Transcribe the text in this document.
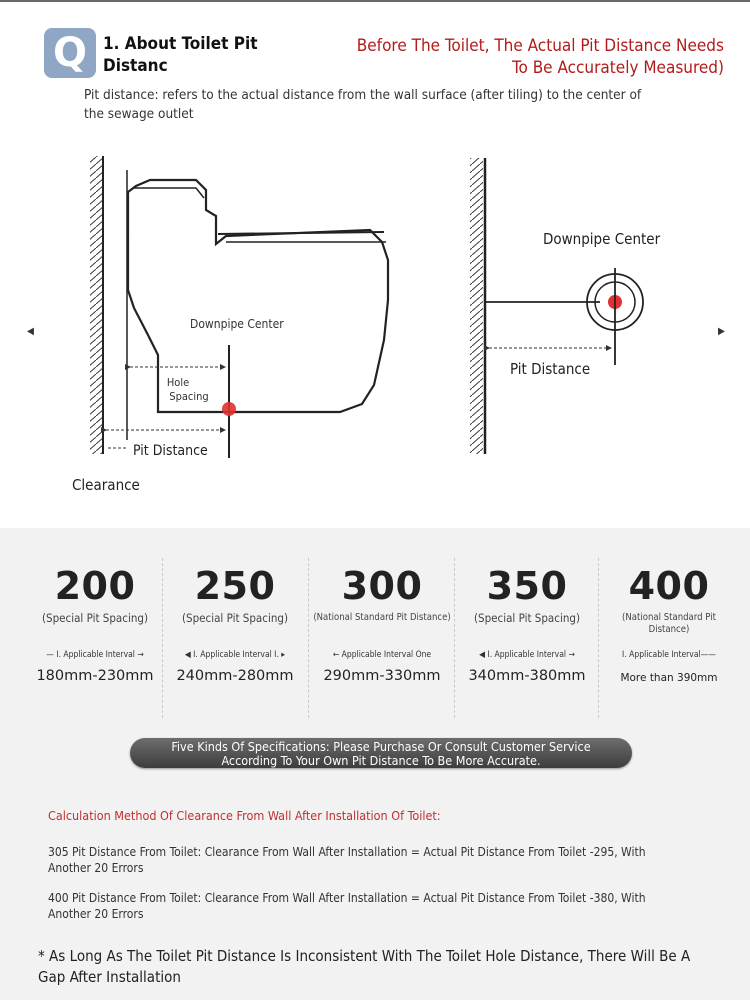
Q 1. About Toilet Pit Distanc
Before The Toilet, The Actual Pit Distance Needs To Be Accurately Measured)
Pit distance: refers to the actual distance from the wall surface (after tiling) to the center of the sewage outlet
Downpipe Center
Hole
Spacing
Pit Distance
Clearance
Downpipe Center
Pit Distance
◀	▶
200
(Special Pit Spacing)
— I. Applicable Interval →
180mm-230mm
250
(Special Pit Spacing)
◀ I. Applicable Interval I. ▸
240mm-280mm
300
(National Standard Pit Distance)
← Applicable Interval One
290mm-330mm
350
(Special Pit Spacing)
◀ I. Applicable Interval →
340mm-380mm
400
(National Standard Pit Distance)
I. Applicable Interval——
More than 390mm
Five Kinds Of Specifications: Please Purchase Or Consult Customer Service
According To Your Own Pit Distance To Be More Accurate.
Calculation Method Of Clearance From Wall After Installation Of Toilet:
305 Pit Distance From Toilet: Clearance From Wall After Installation = Actual Pit Distance From Toilet -295, With Another 20 Errors
400 Pit Distance From Toilet: Clearance From Wall After Installation = Actual Pit Distance From Toilet -380, With Another 20 Errors
* As Long As The Toilet Pit Distance Is Inconsistent With The Toilet Hole Distance, There Will Be A Gap After Installation
